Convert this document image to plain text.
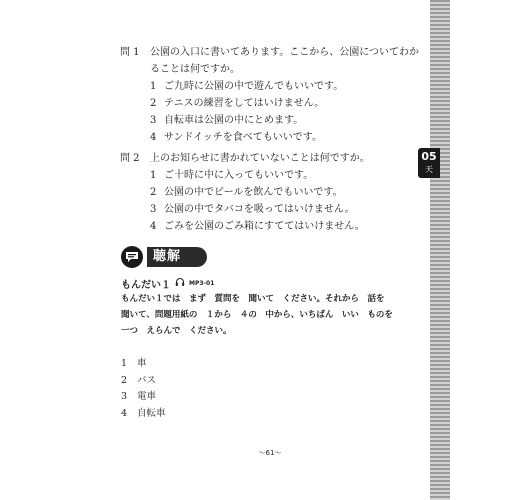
05
天
問 1	公園の入口に書いてあります。ここから、公園についてわか
ることは何ですか。
1 ご九時に公園の中で遊んでもいいです。
2 テニスの練習をしてはいけません。
3 自転車は公園の中にとめます。
4 サンドイッチを食べてもいいです。
問 2	上のお知らせに書かれていないことは何ですか。
1 ご十時に中に入ってもいいです。
2 公園の中でビールを飲んでもいいです。
3 公園の中でタバコを吸ってはいけません。
4 ごみを公園のごみ箱にすててはいけません。
聴解
もんだい１	MP3-01
もんだい１では　まず　質問を　聞いて　ください。それから　話を
聞いて、問題用紙の　１から　４の　中から、いちばん　いい　ものを
一つ　えらんで　ください。
1	車
2	バス
3	電車
4	自転車
～61～
